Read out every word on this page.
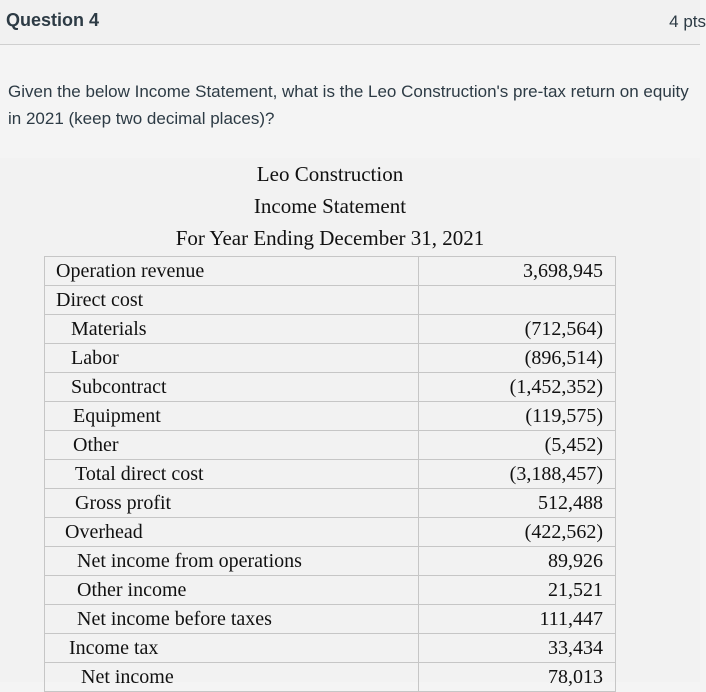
Question 4	4 pts
Given the below Income Statement, what is the Leo Construction's pre-tax return on equity in 2021 (keep two decimal places)?
Leo Construction
Income Statement
For Year Ending December 31, 2021
Operation revenue	3,698,945
Direct cost	
Materials	(712,564)
Labor	(896,514)
Subcontract	(1,452,352)
Equipment	(119,575)
Other	(5,452)
Total direct cost	(3,188,457)
Gross profit	512,488
Overhead	(422,562)
Net income from operations	89,926
Other income	21,521
Net income before taxes	111,447
Income tax	33,434
Net income	78,013
